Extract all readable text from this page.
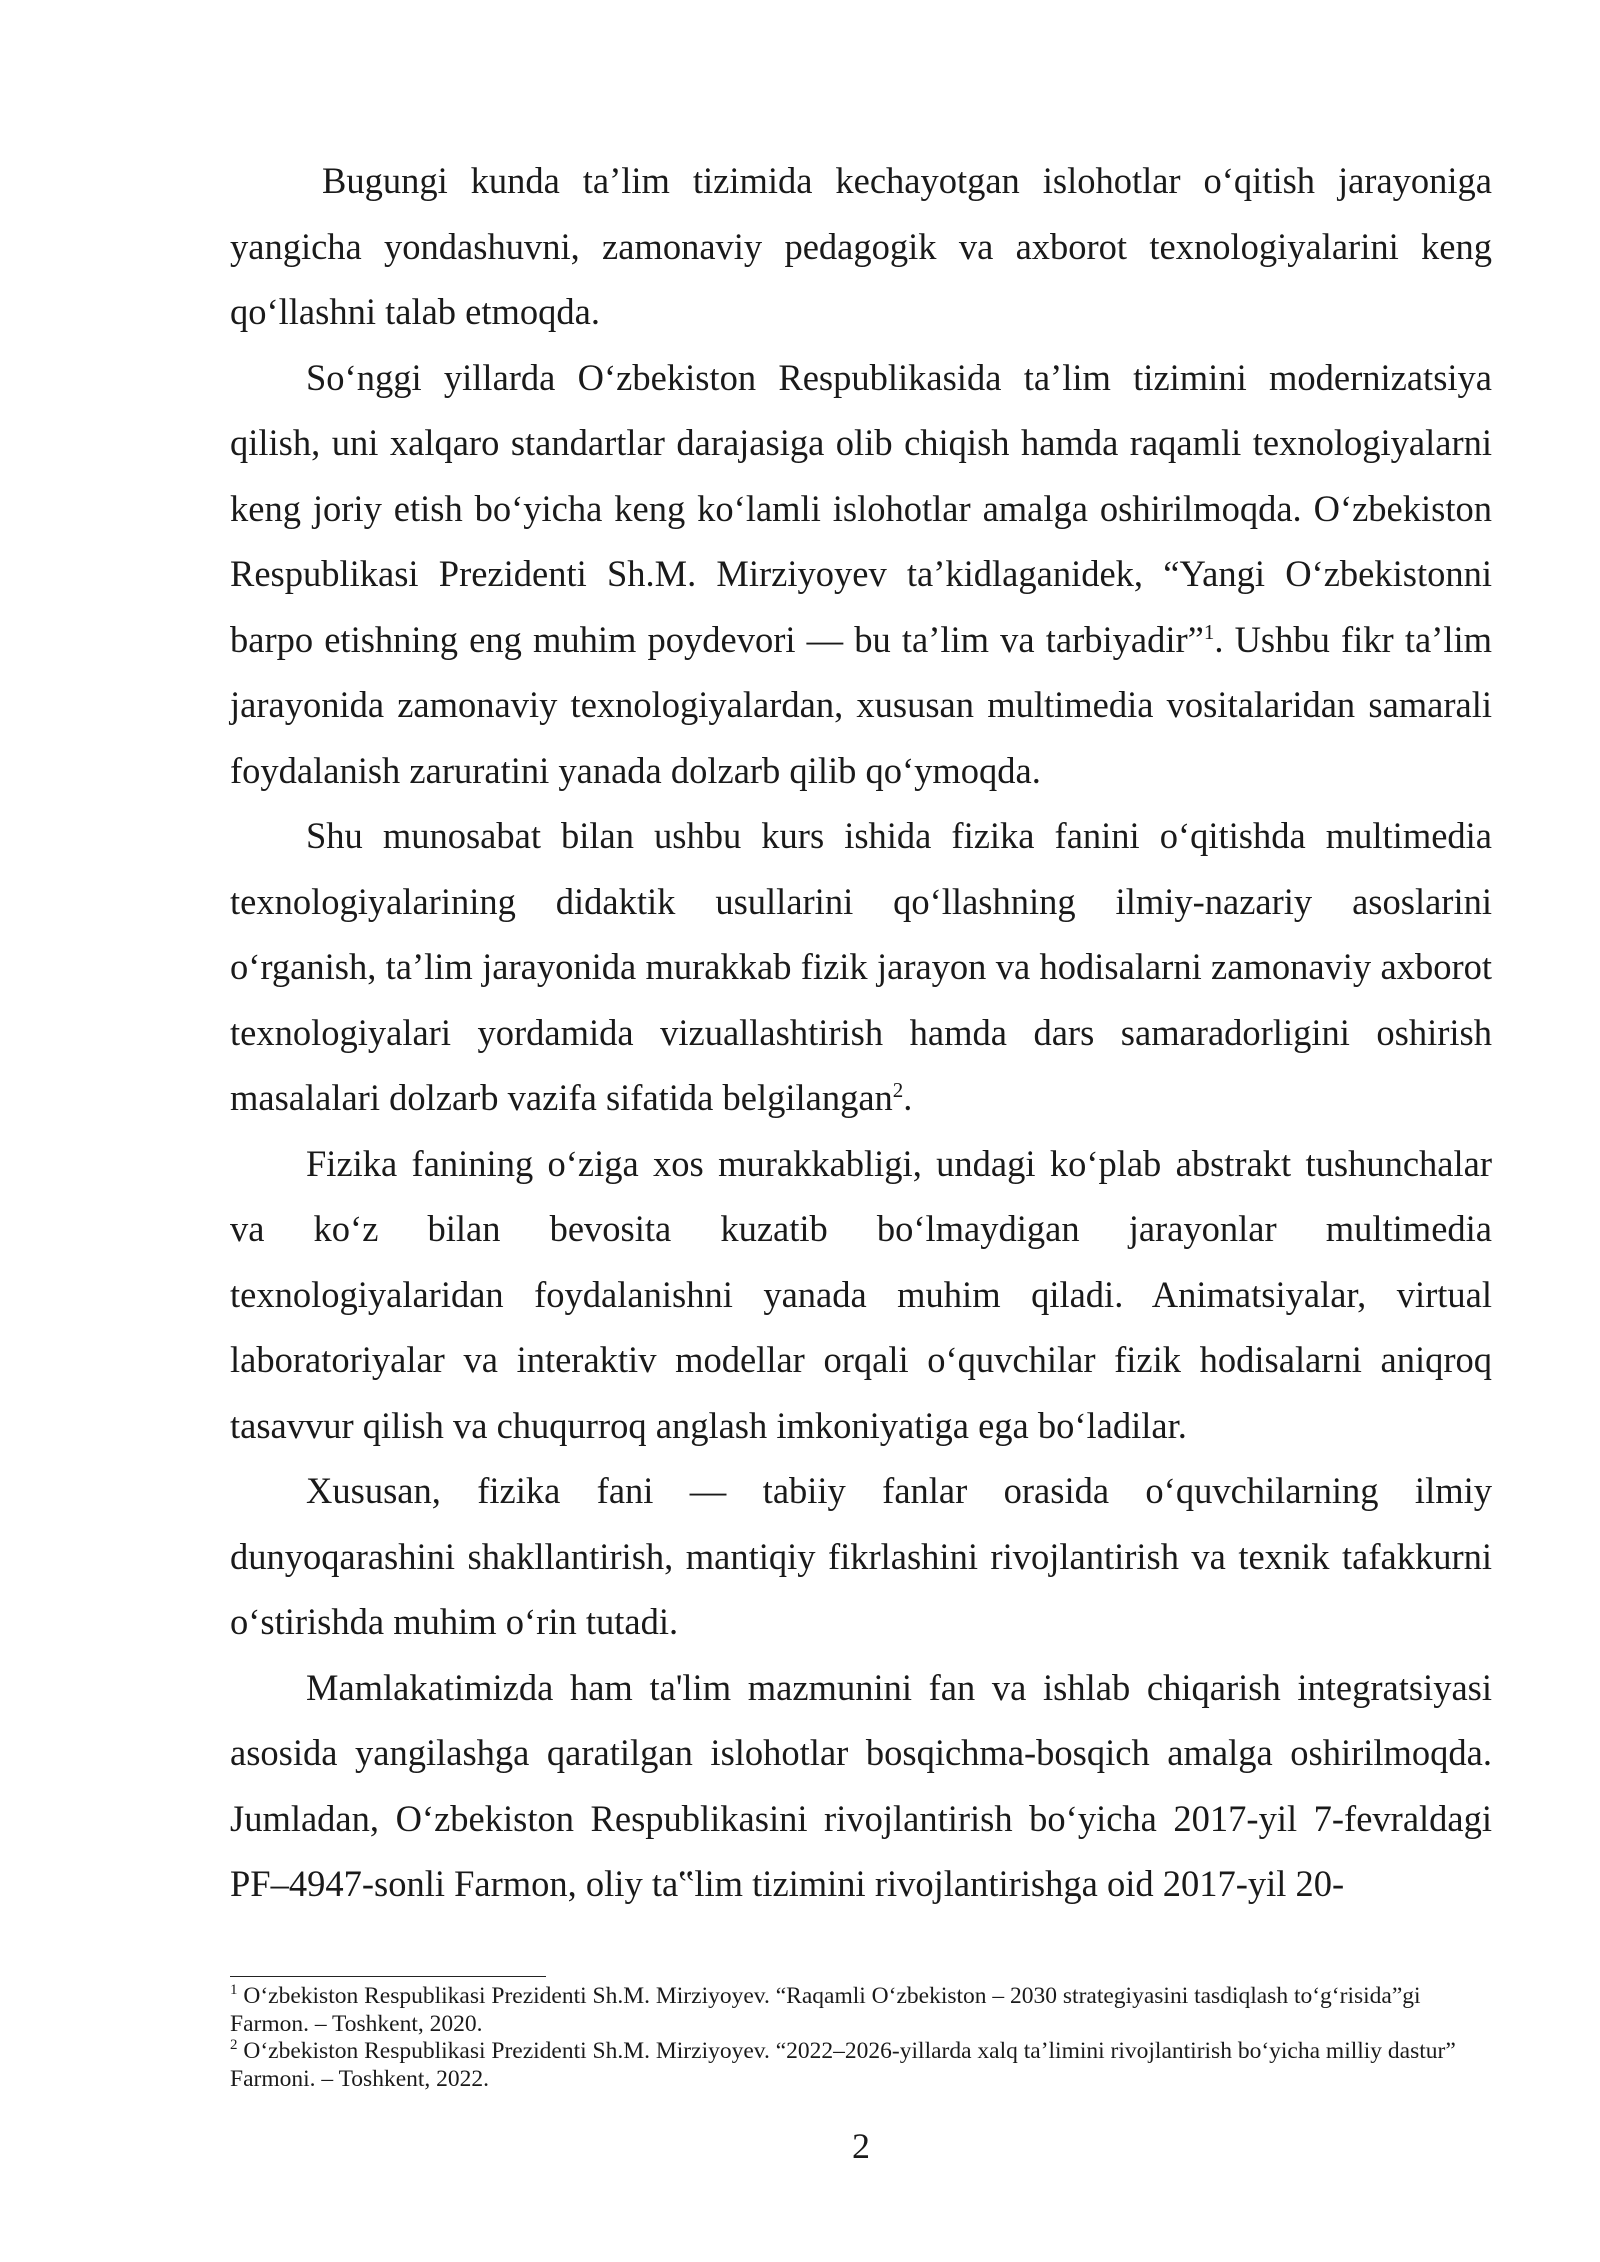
Bugungi kunda ta’lim tizimida kechayotgan islohotlar o‘qitish jarayoniga yangicha yondashuvni, zamonaviy pedagogik va axborot texnologiyalarini keng qo‘llashni talab etmoqda.

So‘nggi yillarda O‘zbekiston Respublikasida ta’lim tizimini modernizatsiya qilish, uni xalqaro standartlar darajasiga olib chiqish hamda raqamli texnologiyalarni keng joriy etish bo‘yicha keng ko‘lamli islohotlar amalga oshirilmoqda. O‘zbekiston Respublikasi Prezidenti Sh.M. Mirziyoyev ta’kidlaganidek, “Yangi O‘zbekistonni barpo etishning eng muhim poydevori — bu ta’lim va tarbiyadir”$^1$. Ushbu fikr ta’lim jarayonida zamonaviy texnologiyalardan, xususan multimedia vositalaridan samarali foydalanish zaruratini yanada dolzarb qilib qo‘ymoqda.

Shu munosabat bilan ushbu kurs ishida fizika fanini o‘qitishda multimedia texnologiyalarining didaktik usullarini qo‘llashning ilmiy-nazariy asoslarini o‘rganish, ta’lim jarayonida murakkab fizik jarayon va hodisalarni zamonaviy axborot texnologiyalari yordamida vizuallashtirish hamda dars samaradorligini oshirish masalalari dolzarb vazifa sifatida belgilangan$^2$.

Fizika fanining o‘ziga xos murakkabligi, undagi ko‘plab abstrakt tushunchalar va ko‘z bilan bevosita kuzatib bo‘lmaydigan jarayonlar multimedia texnologiyalaridan foydalanishni yanada muhim qiladi. Animatsiyalar, virtual laboratoriyalar va interaktiv modellar orqali o‘quvchilar fizik hodisalarni aniqroq tasavvur qilish va chuqurroq anglash imkoniyatiga ega bo‘ladilar.

Xususan, fizika fani — tabiiy fanlar orasida o‘quvchilarning ilmiy dunyoqarashini shakllantirish, mantiqiy fikrlashini rivojlantirish va texnik tafakkurni o‘stirishda muhim o‘rin tutadi.

Mamlakatimizda ham ta'lim mazmunini fan va ishlab chiqarish integratsiyasi asosida yangilashga qaratilgan islohotlar bosqichma-bosqich amalga oshirilmoqda. Jumladan, O‘zbekiston Respublikasini rivojlantirish bo‘yicha 2017-yil 7-fevraldagi PF–4947-sonli Farmon, oliy ta‟lim tizimini rivojlantirishga oid 2017-yil 20-

$^1$ O‘zbekiston Respublikasi Prezidenti Sh.M. Mirziyoyev. “Raqamli O‘zbekiston – 2030 strategiyasini tasdiqlash to‘g‘risida”gi Farmon. – Toshkent, 2020.

$^2$ O‘zbekiston Respublikasi Prezidenti Sh.M. Mirziyoyev. “2022–2026-yillarda xalq ta’limini rivojlantirish bo‘yicha milliy dastur” Farmoni. – Toshkent, 2022.

2
